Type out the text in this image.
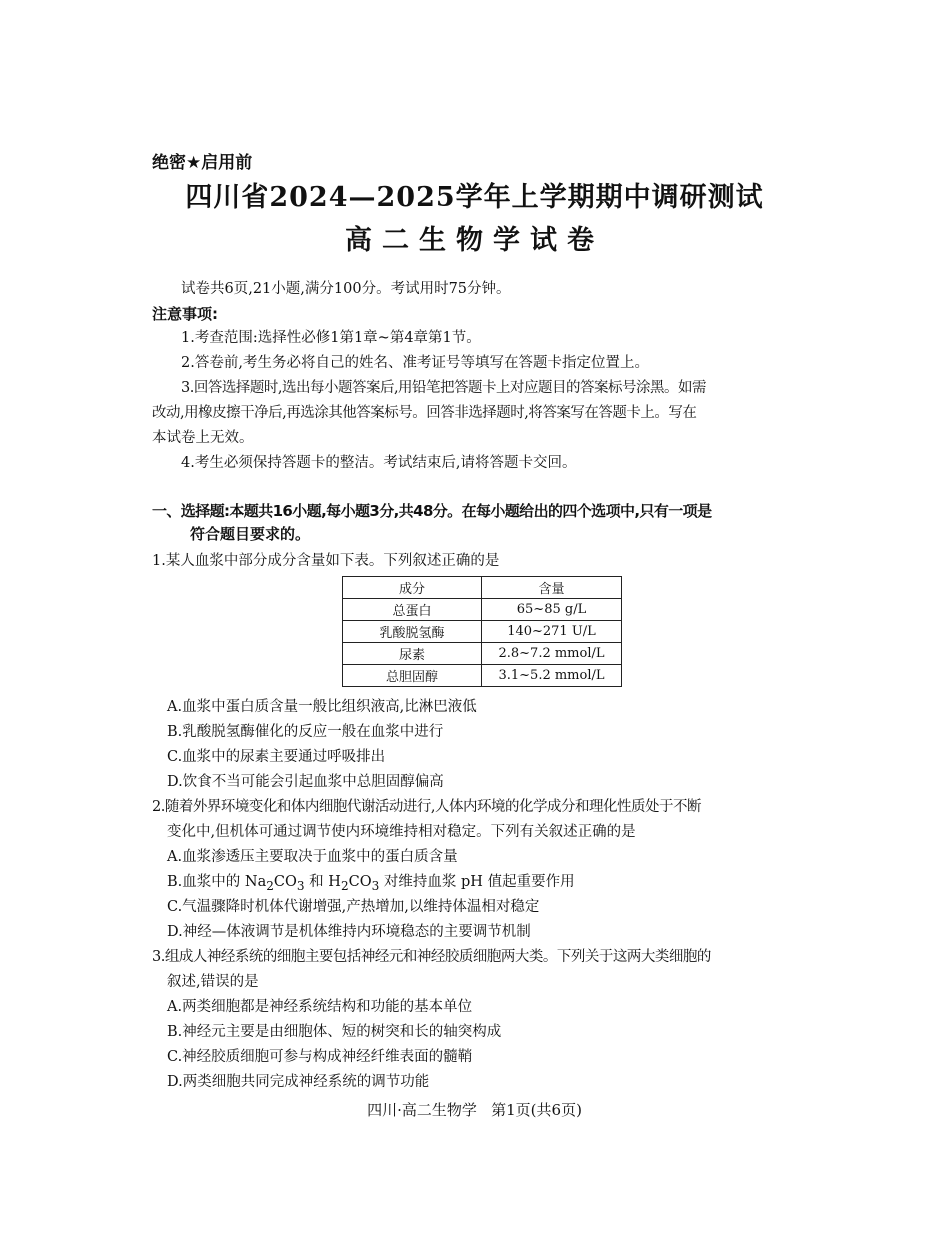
绝密★启用前
四川省2024—2025学年上学期期中调研测试
高二生物学试卷
试卷共6页,21小题,满分100分。考试用时75分钟。
注意事项:
1.考查范围:选择性必修1第1章~第4章第1节。
2.答卷前,考生务必将自己的姓名、准考证号等填写在答题卡指定位置上。
3.回答选择题时,选出每小题答案后,用铅笔把答题卡上对应题目的答案标号涂黑。如需
改动,用橡皮擦干净后,再选涂其他答案标号。回答非选择题时,将答案写在答题卡上。写在
本试卷上无效。
4.考生必须保持答题卡的整洁。考试结束后,请将答题卡交回。
一、选择题:本题共16小题,每小题3分,共48分。在每小题给出的四个选项中,只有一项是
符合题目要求的。
1.某人血浆中部分成分含量如下表。下列叙述正确的是
成分	含量
总蛋白	65~85 g/L
乳酸脱氢酶	140~271 U/L
尿素	2.8~7.2 mmol/L
总胆固醇	3.1~5.2 mmol/L
A.血浆中蛋白质含量一般比组织液高,比淋巴液低
B.乳酸脱氢酶催化的反应一般在血浆中进行
C.血浆中的尿素主要通过呼吸排出
D.饮食不当可能会引起血浆中总胆固醇偏高
2.随着外界环境变化和体内细胞代谢活动进行,人体内环境的化学成分和理化性质处于不断
变化中,但机体可通过调节使内环境维持相对稳定。下列有关叙述正确的是
A.血浆渗透压主要取决于血浆中的蛋白质含量
B.血浆中的 $Na_2CO_3$ 和 $H_2CO_3$ 对维持血浆 pH 值起重要作用
C.气温骤降时机体代谢增强,产热增加,以维持体温相对稳定
D.神经—体液调节是机体维持内环境稳态的主要调节机制
3.组成人神经系统的细胞主要包括神经元和神经胶质细胞两大类。下列关于这两大类细胞的
叙述,错误的是
A.两类细胞都是神经系统结构和功能的基本单位
B.神经元主要是由细胞体、短的树突和长的轴突构成
C.神经胶质细胞可参与构成神经纤维表面的髓鞘
D.两类细胞共同完成神经系统的调节功能
四川·高二生物学   第1页(共6页)
